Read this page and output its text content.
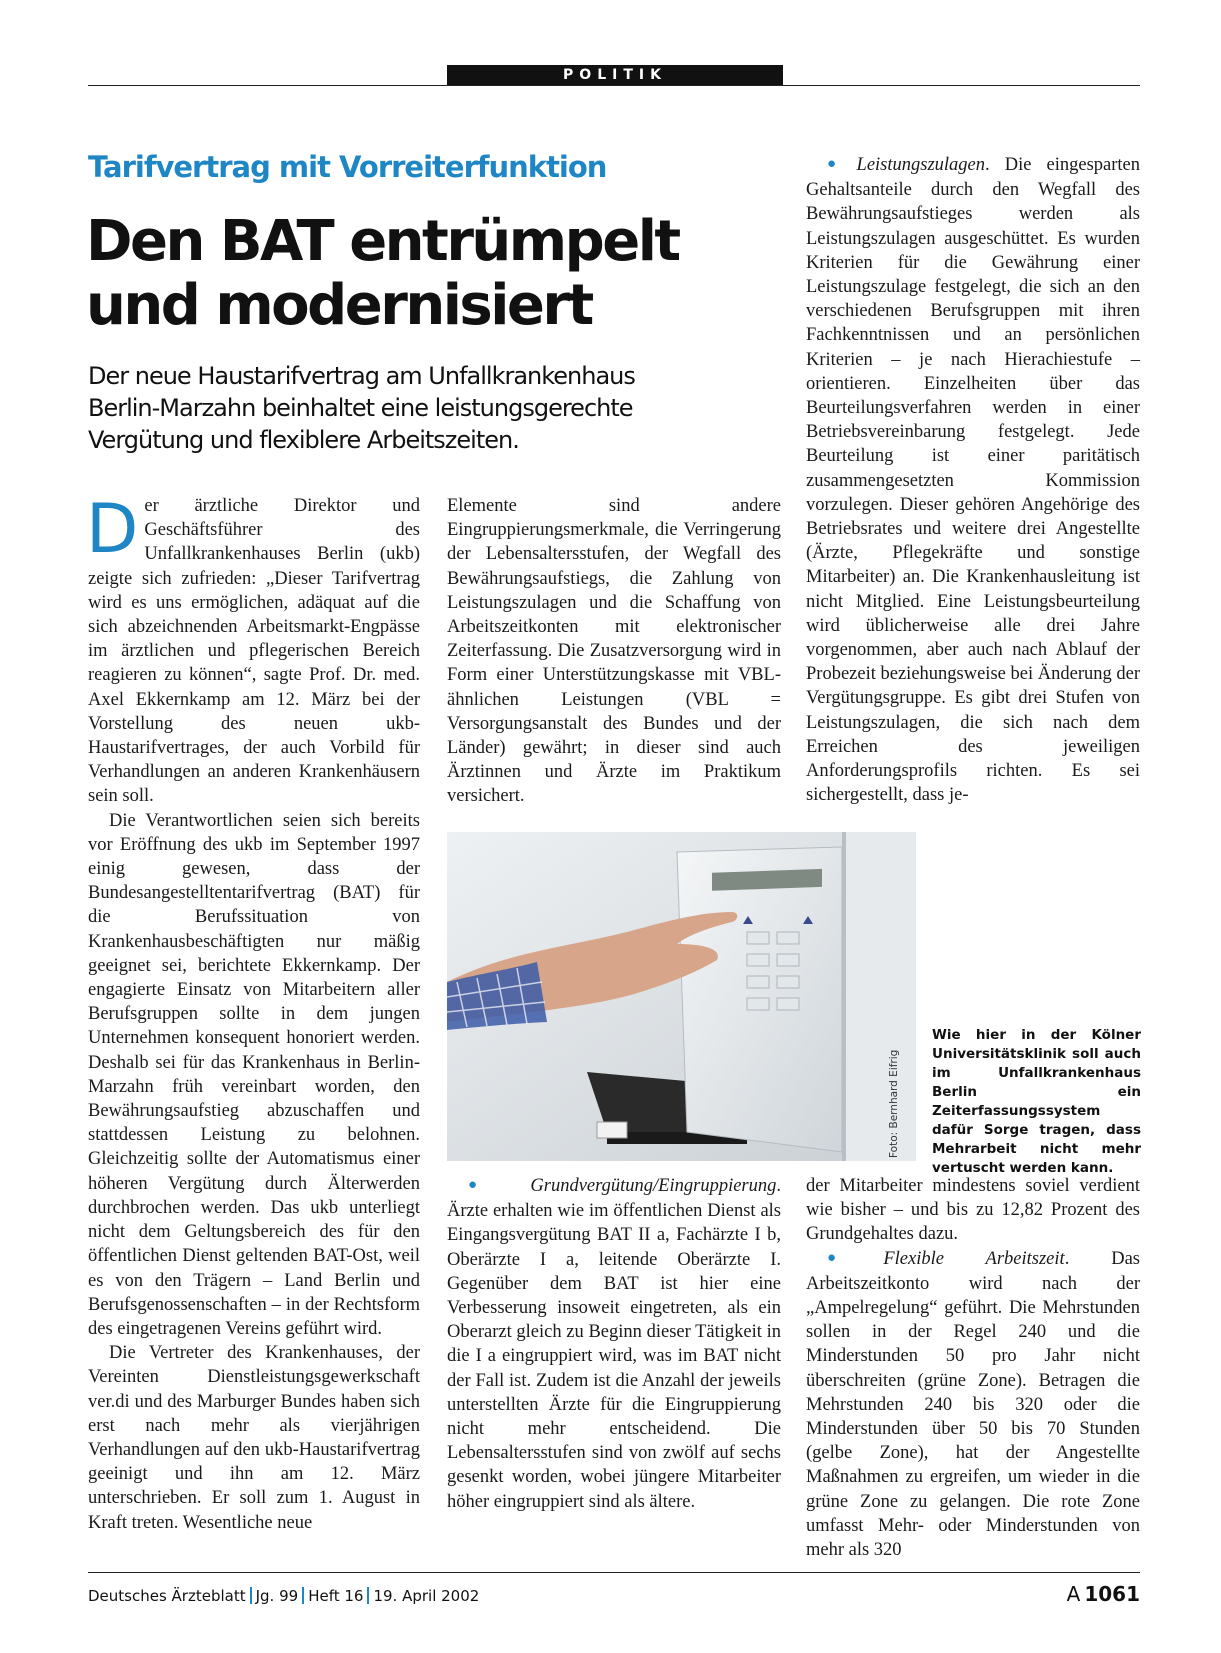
POLITIK
Tarifvertrag mit Vorreiterfunktion
Den BAT entrümpelt
und modernisiert
Der neue Haustarifvertrag am Unfallkrankenhaus
Berlin-Marzahn beinhaltet eine leistungsgerechte
Vergütung und flexiblere Arbeitszeiten.

Der ärztliche Direktor und Geschäftsführer des Unfallkrankenhauses Berlin (ukb) zeigte sich zufrieden: „Dieser Tarifvertrag wird es uns ermöglichen, adäquat auf die sich abzeichnenden Arbeitsmarkt-Engpässe im ärztlichen und pflegerischen Bereich reagieren zu können“, sagte Prof. Dr. med. Axel Ekkernkamp am 12. März bei der Vorstellung des neuen ukb-Haustarifvertrages, der auch Vorbild für Verhandlungen an anderen Krankenhäusern sein soll.

Die Verantwortlichen seien sich bereits vor Eröffnung des ukb im September 1997 einig gewesen, dass der Bundesangestelltentarifvertrag (BAT) für die Berufssituation von Krankenhausbeschäftigten nur mäßig geeignet sei, berichtete Ekkernkamp. Der engagierte Einsatz von Mitarbeitern aller Berufsgruppen sollte in dem jungen Unternehmen konsequent honoriert werden. Deshalb sei für das Krankenhaus in Berlin-Marzahn früh vereinbart worden, den Bewährungsaufstieg abzuschaffen und stattdessen Leistung zu belohnen. Gleichzeitig sollte der Automatismus einer höheren Vergütung durch Älterwerden durchbrochen werden. Das ukb unterliegt nicht dem Geltungsbereich des für den öffentlichen Dienst geltenden BAT-Ost, weil es von den Trägern – Land Berlin und Berufsgenossenschaften – in der Rechtsform des eingetragenen Vereins geführt wird.

Die Vertreter des Krankenhauses, der Vereinten Dienstleistungsgewerkschaft ver.di und des Marburger Bundes haben sich erst nach mehr als vierjährigen Verhandlungen auf den ukb-Haustarifvertrag geeinigt und ihn am 12. März unterschrieben. Er soll zum 1. August in Kraft treten. Wesentliche neue

Elemente sind andere Eingruppierungsmerkmale, die Verringerung der Lebensaltersstufen, der Wegfall des Bewährungsaufstiegs, die Zahlung von Leistungszulagen und die Schaffung von Arbeitszeitkonten mit elektronischer Zeiterfassung. Die Zusatzversorgung wird in Form einer Unterstützungskasse mit VBL-ähnlichen Leistungen (VBL = Versorgungsanstalt des Bundes und der Länder) gewährt; in dieser sind auch Ärztinnen und Ärzte im Praktikum versichert.

Foto: Bernhard Eifrig
Wie hier in der Kölner Universitätsklinik soll auch im Unfallkrankenhaus Berlin ein Zeiterfassungssystem dafür Sorge tragen, dass Mehrarbeit nicht mehr vertuscht werden kann.

● Grundvergütung/Eingruppierung. Ärzte erhalten wie im öffentlichen Dienst als Eingangsvergütung BAT II a, Fachärzte I b, Oberärzte I a, leitende Oberärzte I. Gegenüber dem BAT ist hier eine Verbesserung insoweit eingetreten, als ein Oberarzt gleich zu Beginn dieser Tätigkeit in die I a eingruppiert wird, was im BAT nicht der Fall ist. Zudem ist die Anzahl der jeweils unterstellten Ärzte für die Eingruppierung nicht mehr entscheidend. Die Lebensaltersstufen sind von zwölf auf sechs gesenkt worden, wobei jüngere Mitarbeiter höher eingruppiert sind als ältere.

● Leistungszulagen. Die eingesparten Gehaltsanteile durch den Wegfall des Bewährungsaufstieges werden als Leistungszulagen ausgeschüttet. Es wurden Kriterien für die Gewährung einer Leistungszulage festgelegt, die sich an den verschiedenen Berufsgruppen mit ihren Fachkenntnissen und an persönlichen Kriterien – je nach Hierachiestufe – orientieren. Einzelheiten über das Beurteilungsverfahren werden in einer Betriebsvereinbarung festgelegt. Jede Beurteilung ist einer paritätisch zusammengesetzten Kommission vorzulegen. Dieser gehören Angehörige des Betriebsrates und weitere drei Angestellte (Ärzte, Pflegekräfte und sonstige Mitarbeiter) an. Die Krankenhausleitung ist nicht Mitglied. Eine Leistungsbeurteilung wird üblicherweise alle drei Jahre vorgenommen, aber auch nach Ablauf der Probezeit beziehungsweise bei Änderung der Vergütungsgruppe. Es gibt drei Stufen von Leistungszulagen, die sich nach dem Erreichen des jeweiligen Anforderungsprofils richten. Es sei sichergestellt, dass je-

der Mitarbeiter mindestens soviel verdient wie bisher – und bis zu 12,82 Prozent des Grundgehaltes dazu.

● Flexible Arbeitszeit. Das Arbeitszeitkonto wird nach der „Ampelregelung“ geführt. Die Mehrstunden sollen in der Regel 240 und die Minderstunden 50 pro Jahr nicht überschreiten (grüne Zone). Betragen die Mehrstunden 240 bis 320 oder die Minderstunden über 50 bis 70 Stunden (gelbe Zone), hat der Angestellte Maßnahmen zu ergreifen, um wieder in die grüne Zone zu gelangen. Die rote Zone umfasst Mehr- oder Minderstunden von mehr als 320

Deutsches Ärzteblatt Jg. 99 Heft 16 19. April 2002	A 1061
